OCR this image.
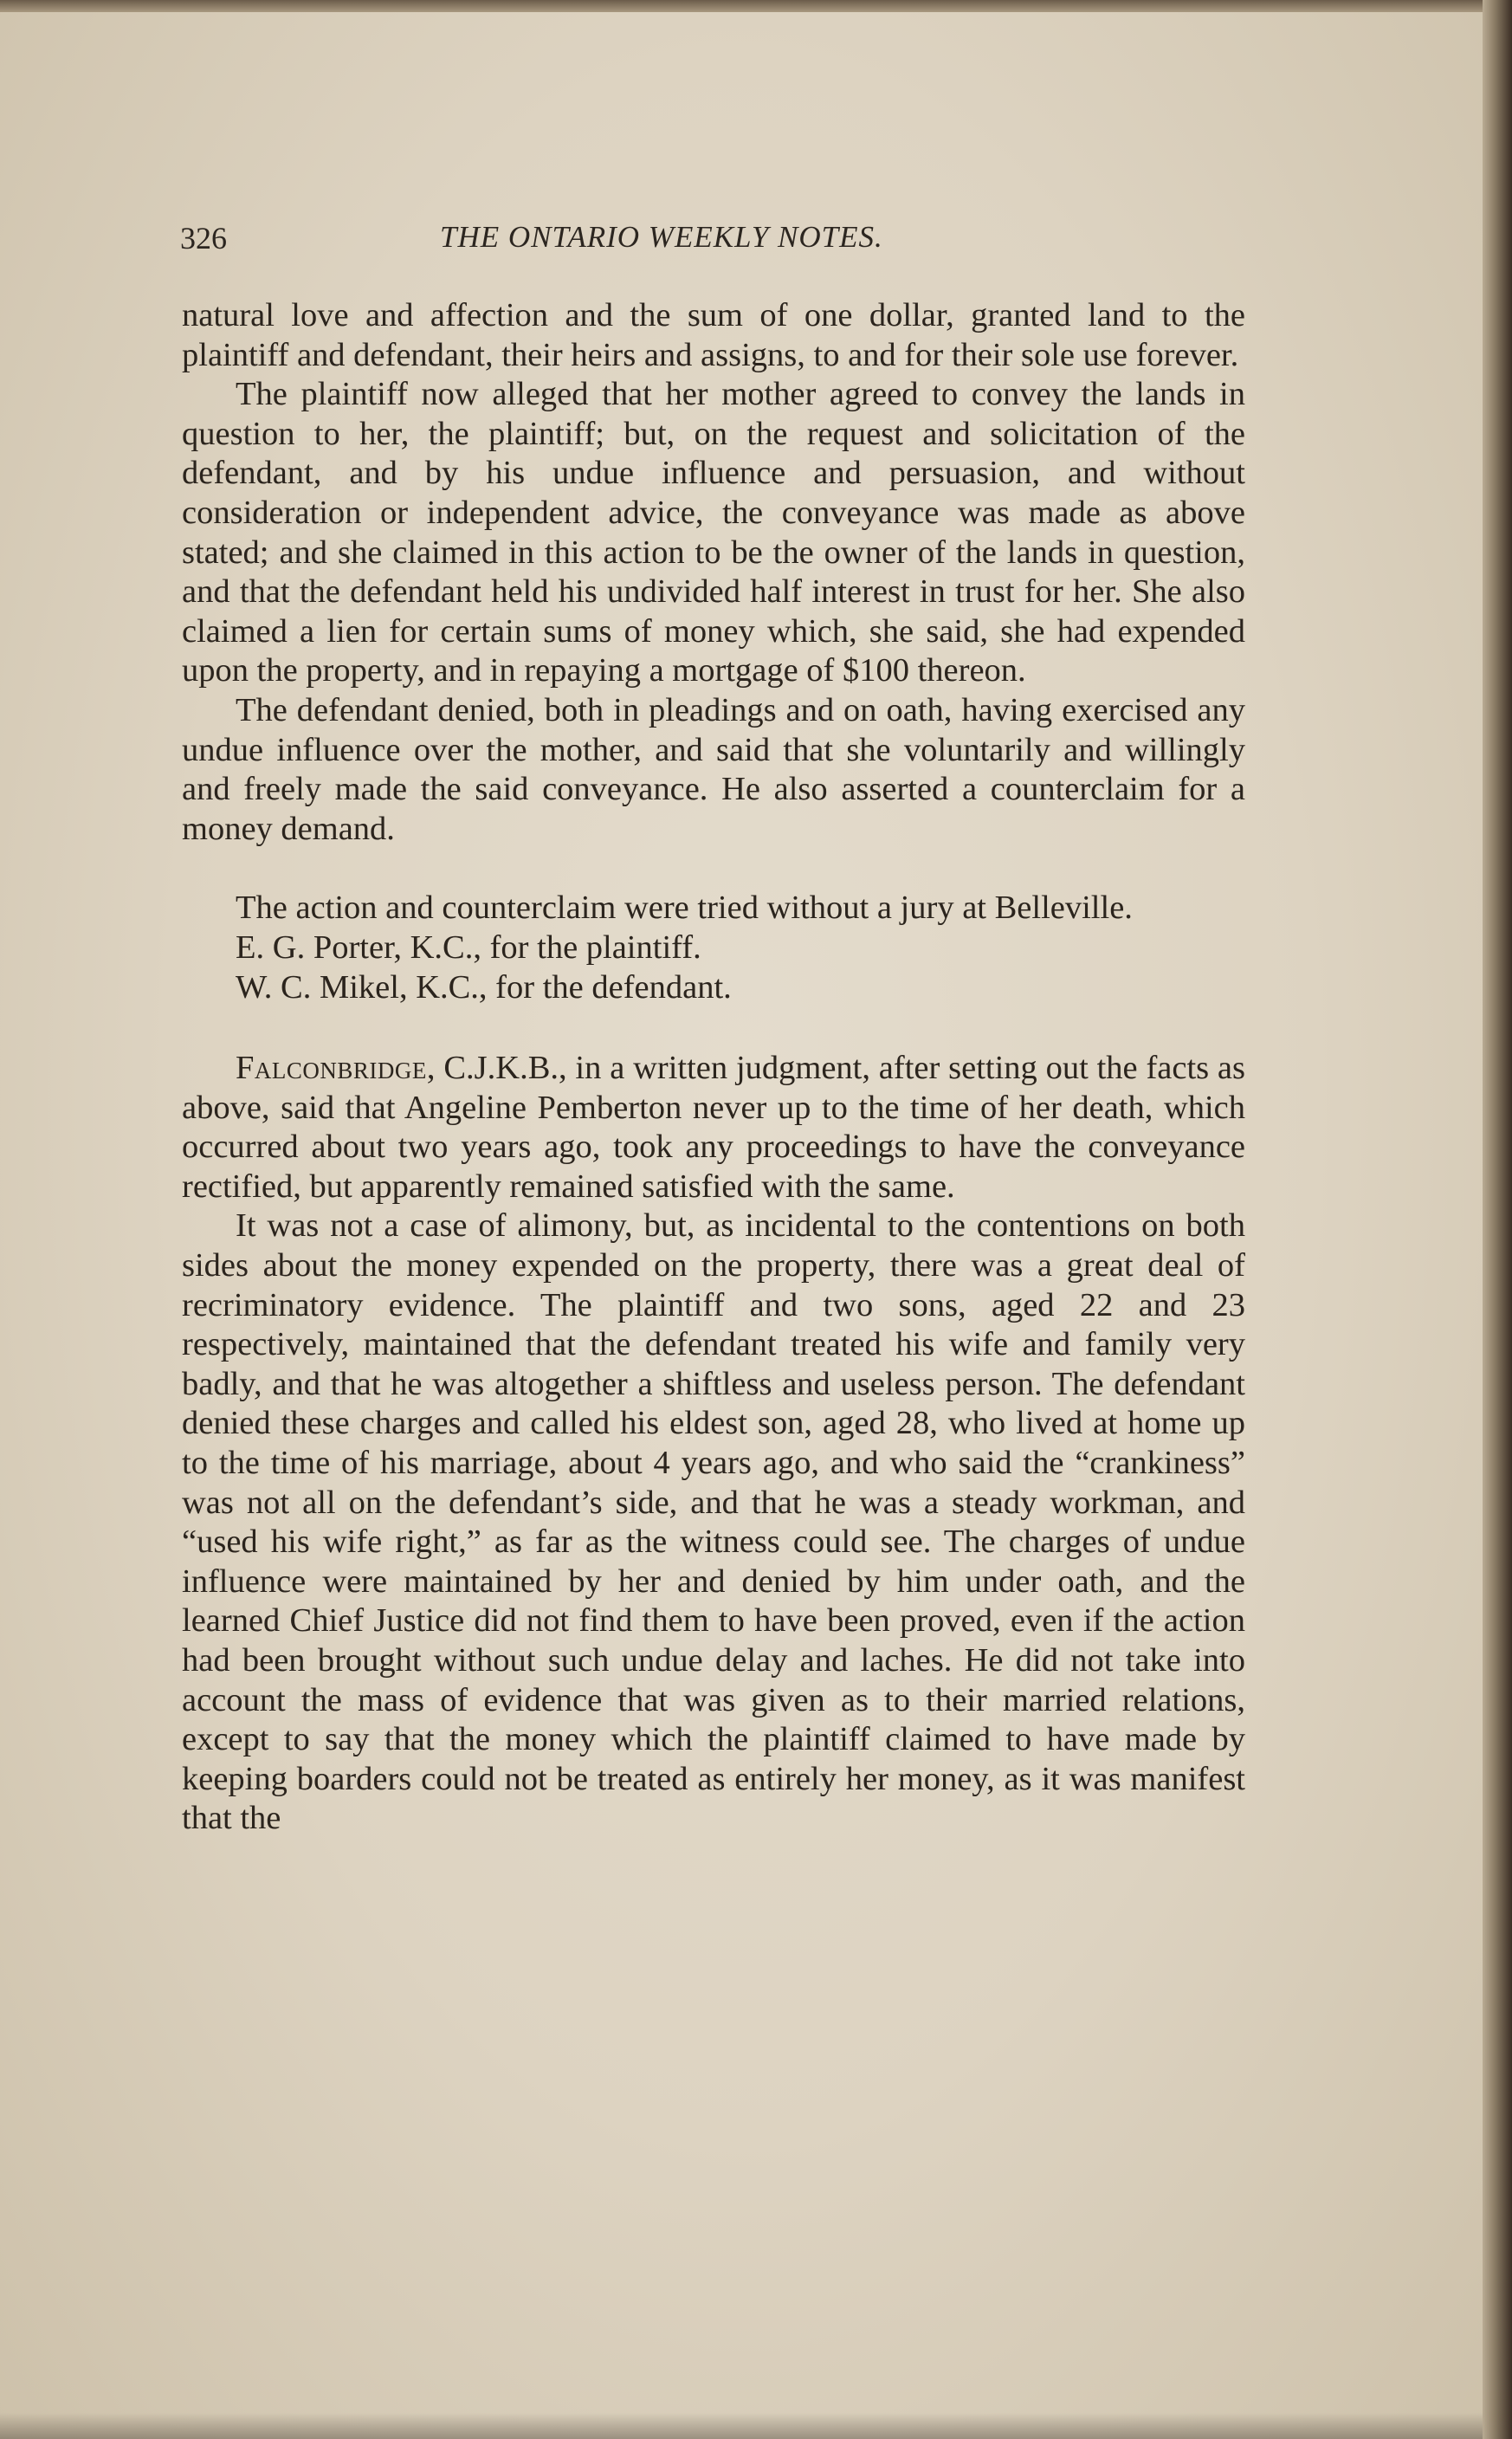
326	THE ONTARIO WEEKLY NOTES.

natural love and affection and the sum of one dollar, granted land to the plaintiff and defendant, their heirs and assigns, to and for their sole use forever.

The plaintiff now alleged that her mother agreed to convey the lands in question to her, the plaintiff; but, on the request and solicitation of the defendant, and by his undue influence and persuasion, and without consideration or independent advice, the conveyance was made as above stated; and she claimed in this action to be the owner of the lands in question, and that the defendant held his undivided half interest in trust for her. She also claimed a lien for certain sums of money which, she said, she had expended upon the property, and in repaying a mortgage of $100 thereon.

The defendant denied, both in pleadings and on oath, having exercised any undue influence over the mother, and said that she voluntarily and willingly and freely made the said conveyance. He also asserted a counterclaim for a money demand.

The action and counterclaim were tried without a jury at Belleville.

E. G. Porter, K.C., for the plaintiff.

W. C. Mikel, K.C., for the defendant.

Falconbridge, C.J.K.B., in a written judgment, after setting out the facts as above, said that Angeline Pemberton never up to the time of her death, which occurred about two years ago, took any proceedings to have the conveyance rectified, but apparently remained satisfied with the same.

It was not a case of alimony, but, as incidental to the contentions on both sides about the money expended on the property, there was a great deal of recriminatory evidence. The plaintiff and two sons, aged 22 and 23 respectively, maintained that the defendant treated his wife and family very badly, and that he was altogether a shiftless and useless person. The defendant denied these charges and called his eldest son, aged 28, who lived at home up to the time of his marriage, about 4 years ago, and who said the “crankiness” was not all on the defendant’s side, and that he was a steady workman, and “used his wife right,” as far as the witness could see. The charges of undue influence were maintained by her and denied by him under oath, and the learned Chief Justice did not find them to have been proved, even if the action had been brought without such undue delay and laches. He did not take into account the mass of evidence that was given as to their married relations, except to say that the money which the plaintiff claimed to have made by keeping boarders could not be treated as entirely her money, as it was manifest that the
